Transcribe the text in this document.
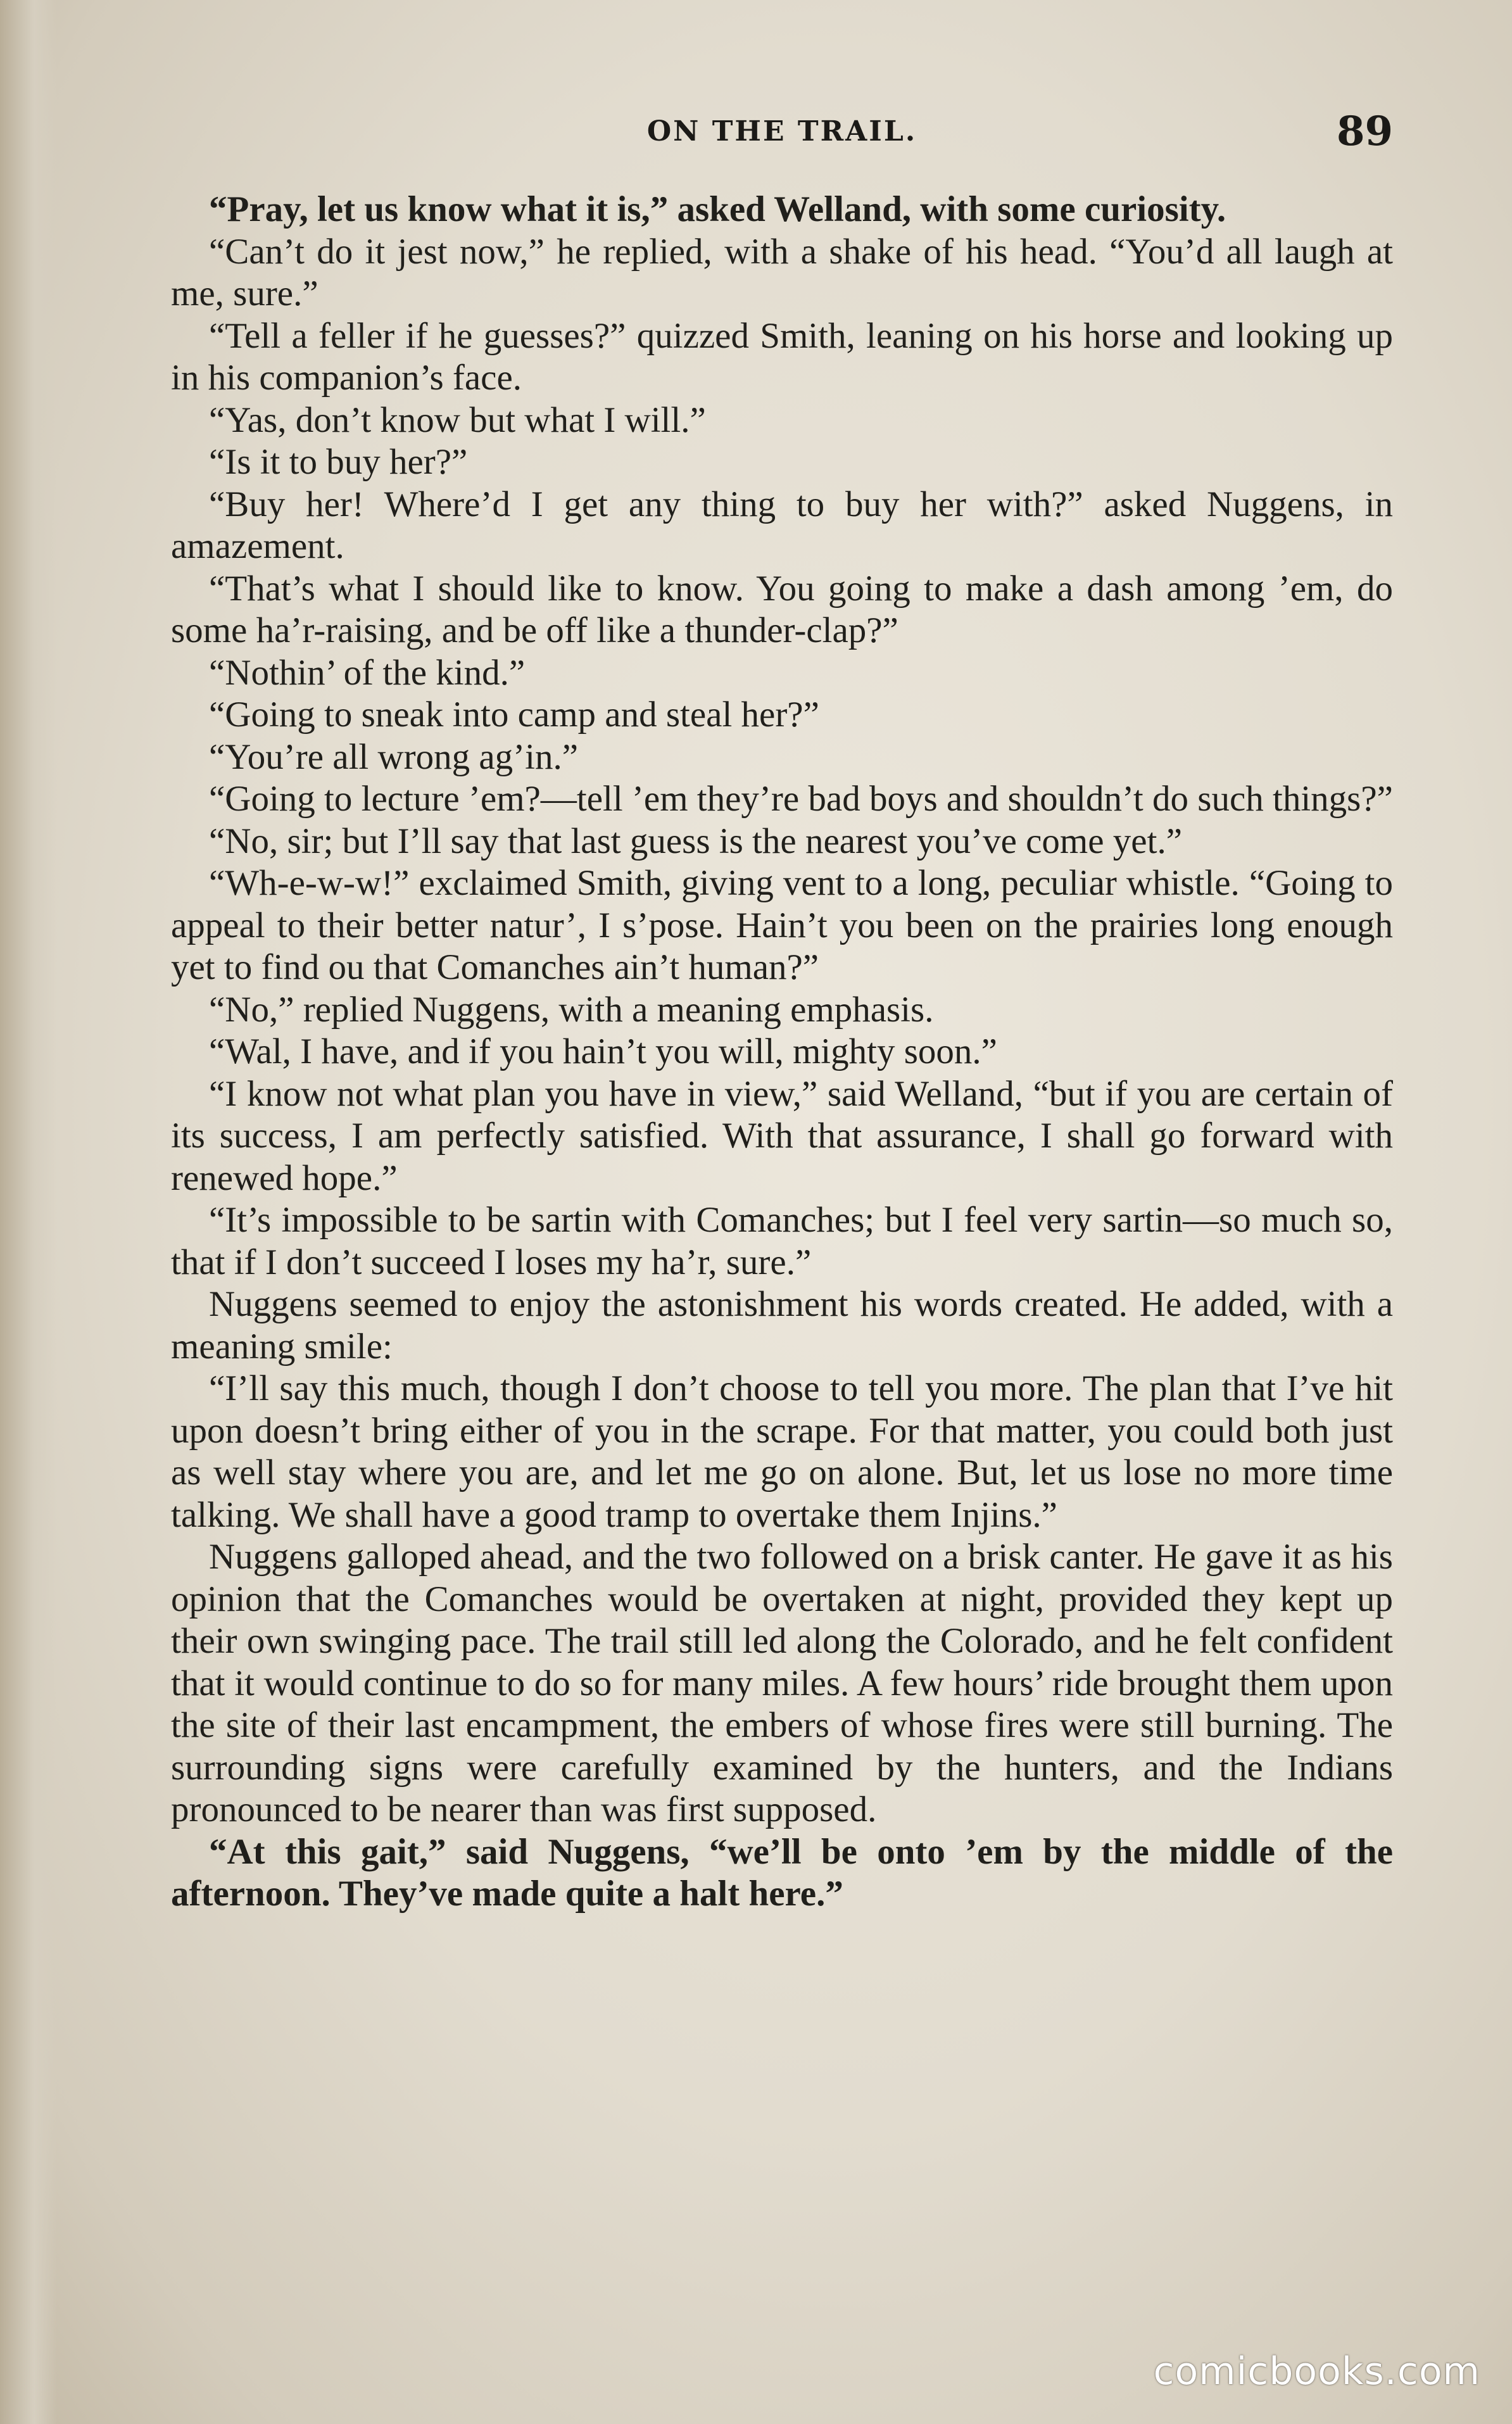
ON THE TRAIL.	89

“Pray, let us know what it is,” asked Welland, with some curiosity.

“Can’t do it jest now,” he replied, with a shake of his head. “You’d all laugh at me, sure.”

“Tell a feller if he guesses?” quizzed Smith, leaning on his horse and looking up in his companion’s face.

“Yas, don’t know but what I will.”

“Is it to buy her?”

“Buy her! Where’d I get any thing to buy her with?” asked Nuggens, in amazement.

“That’s what I should like to know. You going to make a dash among ’em, do some ha’r-raising, and be off like a thunder-clap?”

“Nothin’ of the kind.”

“Going to sneak into camp and steal her?”

“You’re all wrong ag’in.”

“Going to lecture ’em?—tell ’em they’re bad boys and shouldn’t do such things?”

“No, sir; but I’ll say that last guess is the nearest you’ve come yet.”

“Wh-e-w-w!” exclaimed Smith, giving vent to a long, peculiar whistle. “Going to appeal to their better natur’, I s’pose. Hain’t you been on the prairies long enough yet to find ou that Comanches ain’t human?”

“No,” replied Nuggens, with a meaning emphasis.

“Wal, I have, and if you hain’t you will, mighty soon.”

“I know not what plan you have in view,” said Welland, “but if you are certain of its success, I am perfectly satisfied. With that assurance, I shall go forward with renewed hope.”

“It’s impossible to be sartin with Comanches; but I feel very sartin—so much so, that if I don’t succeed I loses my ha’r, sure.”

Nuggens seemed to enjoy the astonishment his words created. He added, with a meaning smile:

“I’ll say this much, though I don’t choose to tell you more. The plan that I’ve hit upon doesn’t bring either of you in the scrape. For that matter, you could both just as well stay where you are, and let me go on alone. But, let us lose no more time talking. We shall have a good tramp to overtake them Injins.”

Nuggens galloped ahead, and the two followed on a brisk canter. He gave it as his opinion that the Comanches would be overtaken at night, provided they kept up their own swinging pace. The trail still led along the Colorado, and he felt confident that it would continue to do so for many miles. A few hours’ ride brought them upon the site of their last encampment, the embers of whose fires were still burning. The surrounding signs were carefully examined by the hunters, and the Indians pronounced to be nearer than was first supposed.

“At this gait,” said Nuggens, “we’ll be onto ’em by the middle of the afternoon. They’ve made quite a halt here.”

comicbooks.com
